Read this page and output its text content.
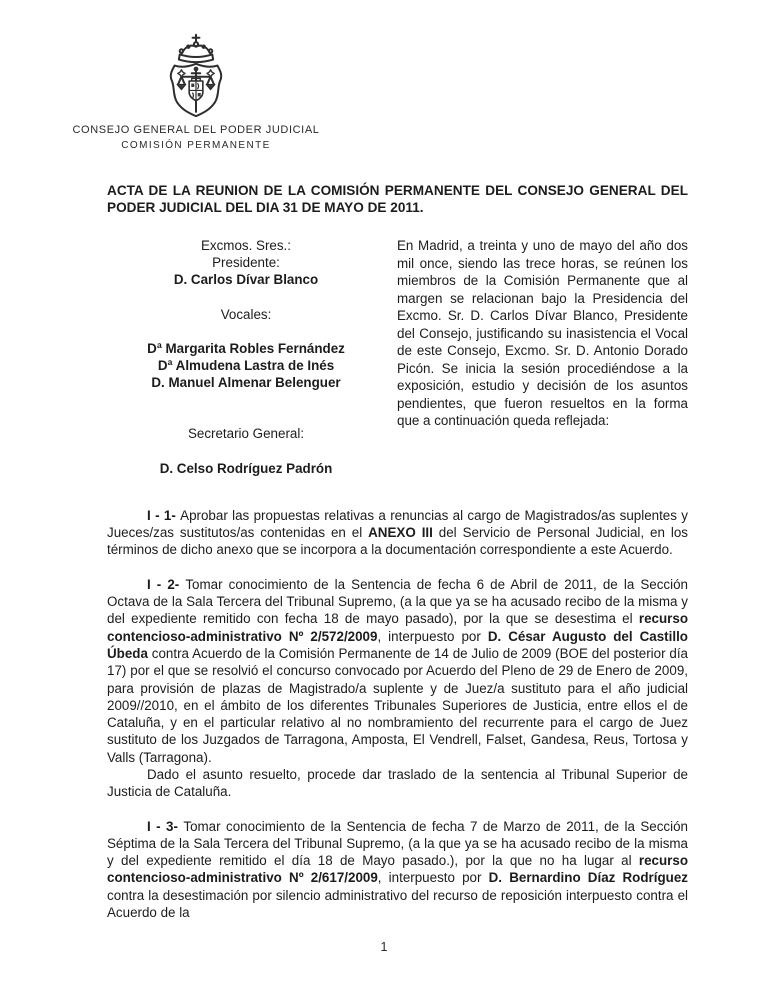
CONSEJO GENERAL DEL PODER JUDICIAL
COMISIÓN PERMANENTE
ACTA DE LA REUNION DE LA COMISIÓN PERMANENTE DEL CONSEJO GENERAL DEL PODER JUDICIAL DEL DIA 31 DE MAYO DE 2011.
Excmos. Sres.:
Presidente:
D. Carlos Dívar Blanco
Vocales:
Dª Margarita Robles Fernández
Dª Almudena Lastra de Inés
D. Manuel Almenar Belenguer
Secretario General:
D. Celso Rodríguez Padrón
En Madrid, a treinta y uno de mayo del año dos mil once, siendo las trece horas, se reúnen los miembros de la Comisión Permanente que al margen se relacionan bajo la Presidencia del Excmo. Sr. D. Carlos Dívar Blanco, Presidente del Consejo, justificando su inasistencia el Vocal de este Consejo, Excmo. Sr. D. Antonio Dorado Picón. Se inicia la sesión procediéndose a la exposición, estudio y decisión de los asuntos pendientes, que fueron resueltos en la forma que a continuación queda reflejada:

I - 1- Aprobar las propuestas relativas a renuncias al cargo de Magistrados/as suplentes y Jueces/zas sustitutos/as contenidas en el ANEXO III del Servicio de Personal Judicial, en los términos de dicho anexo que se incorpora a la documentación correspondiente a este Acuerdo.

I - 2- Tomar conocimiento de la Sentencia de fecha 6 de Abril de 2011, de la Sección Octava de la Sala Tercera del Tribunal Supremo, (a la que ya se ha acusado recibo de la misma y del expediente remitido con fecha 18 de mayo pasado), por la que se desestima el recurso contencioso-administrativo Nº 2/572/2009, interpuesto por D. César Augusto del Castillo Úbeda contra Acuerdo de la Comisión Permanente de 14 de Julio de 2009 (BOE del posterior día 17) por el que se resolvió el concurso convocado por Acuerdo del Pleno de 29 de Enero de 2009, para provisión de plazas de Magistrado/a suplente y de Juez/a sustituto para el año judicial 2009//2010, en el ámbito de los diferentes Tribunales Superiores de Justicia, entre ellos el de Cataluña, y en el particular relativo al no nombramiento del recurrente para el cargo de Juez sustituto de los Juzgados de Tarragona, Amposta, El Vendrell, Falset, Gandesa, Reus, Tortosa y Valls (Tarragona).

Dado el asunto resuelto, procede dar traslado de la sentencia al Tribunal Superior de Justicia de Cataluña.

I - 3- Tomar conocimiento de la Sentencia de fecha 7 de Marzo de 2011, de la Sección Séptima de la Sala Tercera del Tribunal Supremo, (a la que ya se ha acusado recibo de la misma y del expediente remitido el día 18 de Mayo pasado.), por la que no ha lugar al recurso contencioso-administrativo Nº 2/617/2009, interpuesto por D. Bernardino Díaz Rodríguez contra la desestimación por silencio administrativo del recurso de reposición interpuesto contra el Acuerdo de la

1
